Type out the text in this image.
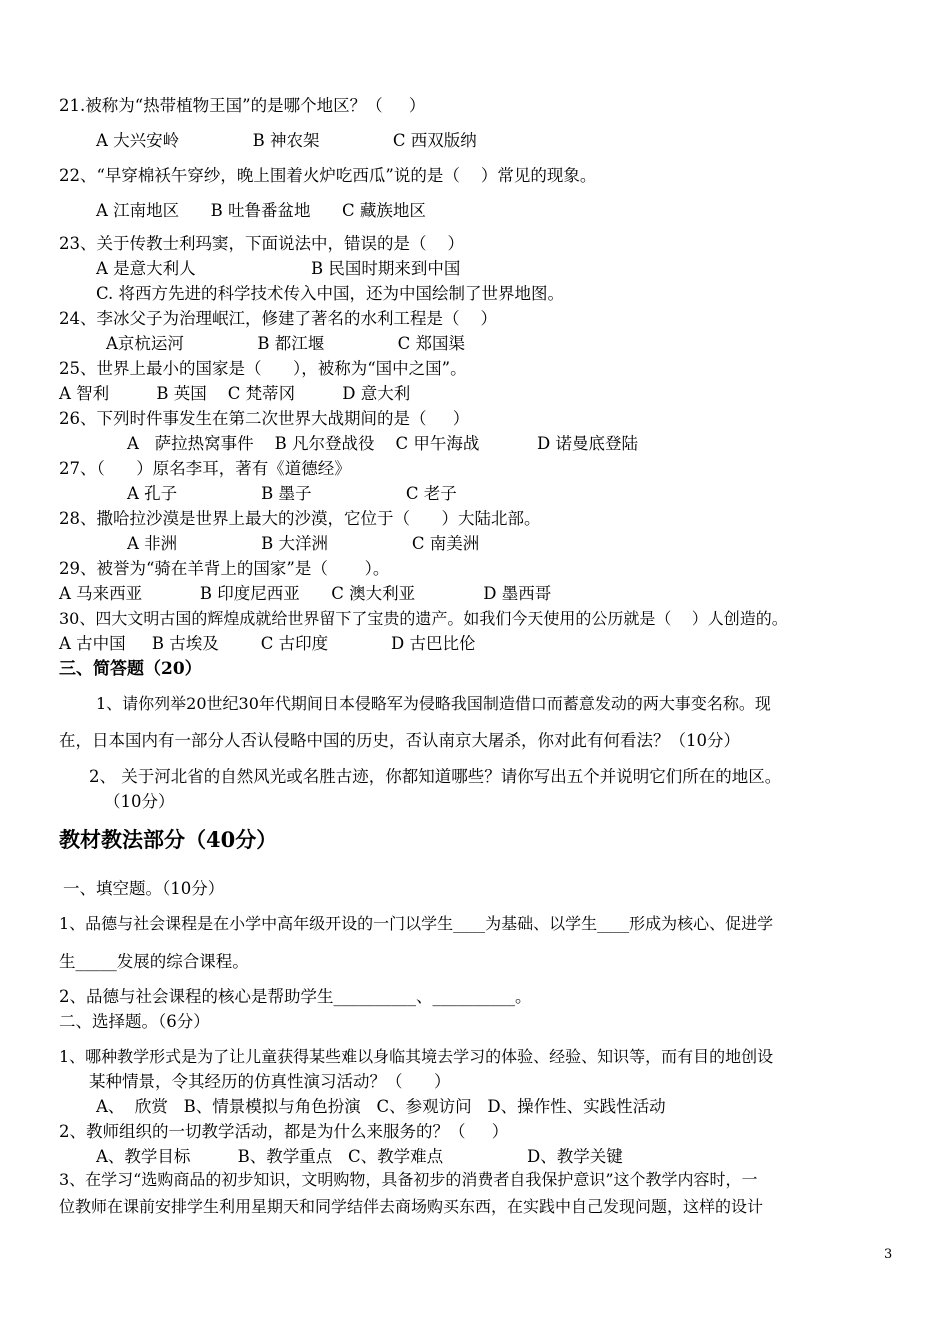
21.被称为“热带植物王国”的是哪个地区？（     ）
A 大兴安岭              B 神农架              C 西双版纳
22、“早穿棉袄午穿纱，晚上围着火炉吃西瓜”说的是（    ）常见的现象。
A 江南地区      B 吐鲁番盆地      C 藏族地区
23、关于传教士利玛窦，下面说法中，错误的是（    ）
A 是意大利人                      B 民国时期来到中国
C. 将西方先进的科学技术传入中国，还为中国绘制了世界地图。
24、李冰父子为治理岷江，修建了著名的水利工程是（    ）
A京杭运河              B 都江堰              C 郑国渠
25、世界上最小的国家是（      ），被称为“国中之国”。
A 智利         B 英国    C 梵蒂冈         D 意大利
26、下列时件事发生在第二次世界大战期间的是（     ）
A   萨拉热窝事件    B 凡尔登战役    C 甲午海战           D 诺曼底登陆
27、（      ）原名李耳，著有《道德经》
A 孔子                B 墨子                  C 老子
28、撒哈拉沙漠是世界上最大的沙漠，它位于（      ）大陆北部。
A 非洲                B 大洋洲                C 南美洲
29、被誉为“骑在羊背上的国家”是（       ）。
A 马来西亚           B 印度尼西亚      C 澳大利亚             D 墨西哥
30、四大文明古国的辉煌成就给世界留下了宝贵的遗产。如我们今天使用的公历就是（    ）人创造的。
A 古中国     B 古埃及        C 古印度            D 古巴比伦
三、简答题（20）
1、请你列举20世纪30年代期间日本侵略军为侵略我国制造借口而蓄意发动的两大事变名称。现
在，日本国内有一部分人否认侵略中国的历史，否认南京大屠杀，你对此有何看法？（10分）
2、 关于河北省的自然风光或名胜古迹，你都知道哪些？请你写出五个并说明它们所在的地区。
（10分）
教材教法部分（40分）
一、填空题。（10分）
1、品德与社会课程是在小学中高年级开设的一门以学生____为基础、以学生____形成为核心、促进学
生_____发展的综合课程。
2、品德与社会课程的核心是帮助学生__________、__________。
二、选择题。（6分）
1、哪种教学形式是为了让儿童获得某些难以身临其境去学习的体验、经验、知识等，而有目的地创设
某种情景，令其经历的仿真性演习活动？（      ）
A、  欣赏   B、情景模拟与角色扮演   C、参观访问   D、操作性、实践性活动
2、教师组织的一切教学活动，都是为什么来服务的？（     ）
A、教学目标         B、教学重点   C、教学难点                D、教学关键
3、在学习“选购商品的初步知识，文明购物，具备初步的消费者自我保护意识”这个教学内容时，一
位教师在课前安排学生利用星期天和同学结伴去商场购买东西，在实践中自己发现问题，这样的设计
3
